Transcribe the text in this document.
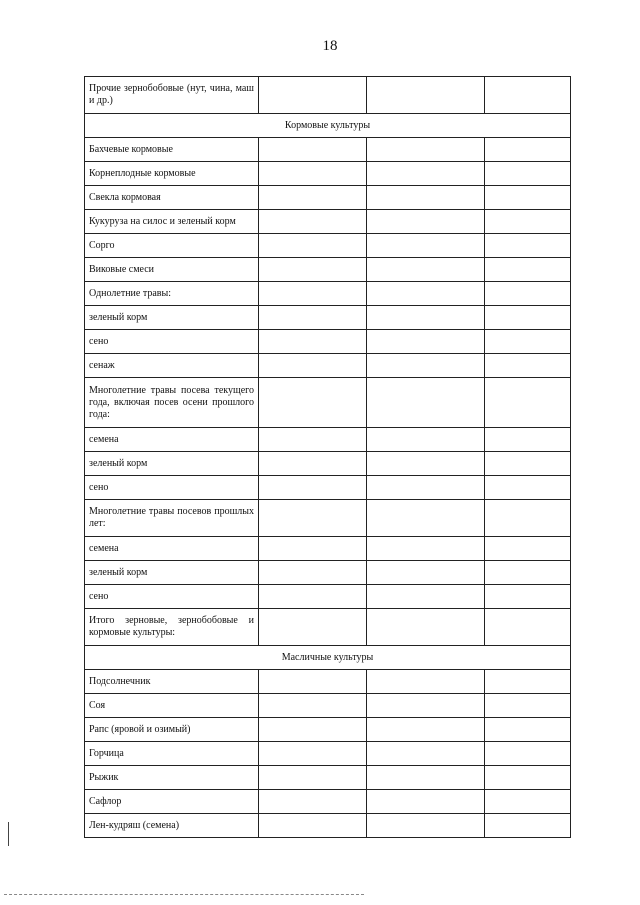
18
Прочие зернобобовые (нут, чина, маш и др.)			
Кормовые культуры			
Бахчевые кормовые			
Корнеплодные кормовые			
Свекла кормовая			
Кукуруза на силос и зеленый корм			
Сорго			
Виковые смеси			
Однолетние травы:			
зеленый корм			
сено			
сенаж			
Многолетние травы посева текущего года, включая посев осени прошлого года:			
семена			
зеленый корм			
сено			
Многолетние травы посевов прошлых лет:			
семена			
зеленый корм			
сено			
Итого зерновые, зернобобовые и кормовые культуры:			
Масличные культуры			
Подсолнечник			
Соя			
Рапс (яровой и озимый)			
Горчица			
Рыжик			
Сафлор			
Лен-кудряш (семена)			
